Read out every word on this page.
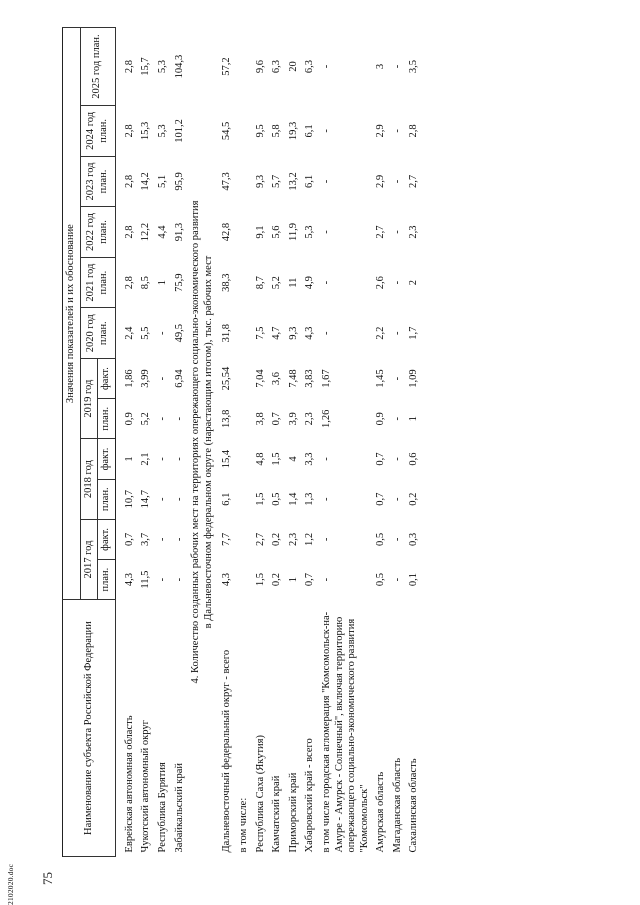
75
Наименование субъекта Российской Федерации	Значения показателей и их обоснование											
	2017 год		2018 год		2019 год		2020 год план.	2021 год план.	2022 год план.	2023 год план.	2024 год план.	2025 год план.
	план.	факт.	план.	факт.	план.	факт.						

Еврейская автономная область	4,3	0,7	10,7	1	0,9	1,86	2,4	2,8	2,8	2,8	2,8	2,8
Чукотский автономный округ	11,5	3,7	14,7	2,1	5,2	3,99	5,5	8,5	12,2	14,2	15,3	15,7
Республика Бурятия	-	-	-	-	-	-	-	1	4,4	5,1	5,3	5,3
Забайкальский край	-	-	-	-	-	6,94	49,5	75,9	91,3	95,9	101,2	104,3

4. Количество созданных рабочих мест на территориях опережающего социально-экономического развития в Дальневосточном федеральном округе (нарастающим итогом), тыс. рабочих мест												

Дальневосточный федеральный округ - всего	4,3	7,7	6,1	15,4	13,8	25,54	31,8	38,3	42,8	47,3	54,5	57,2
в том числе:												
Республика Саха (Якутия)	1,5	2,7	1,5	4,8	3,8	7,04	7,5	8,7	9,1	9,3	9,5	9,6
Камчатский край	0,2	0,2	0,5	1,5	0,7	3,6	4,7	5,2	5,6	5,7	5,8	6,3
Приморский край	1	2,3	1,4	4	3,9	7,48	9,3	11	11,9	13,2	19,3	20
Хабаровский край - всего	0,7	1,2	1,3	3,3	2,3	3,83	4,3	4,9	5,3	6,1	6,1	6,3
в том числе городская агломерация "Комсомольск-на-Амуре - Амурск - Солнечный", включая территорию опережающего социально-экономического развития "Комсомольск"	-	-	-	-	1,26	1,67	-	-	-	-	-	-
Амурская область	0,5	0,5	0,7	0,7	0,9	1,45	2,2	2,6	2,7	2,9	2,9	3
Магаданская область	-	-	-	-	-	-	-	-	-	-	-	-
Сахалинская область	0,1	0,3	0,2	0,6	1	1,09	1,7	2	2,3	2,7	2,8	3,5
2102020.doc
